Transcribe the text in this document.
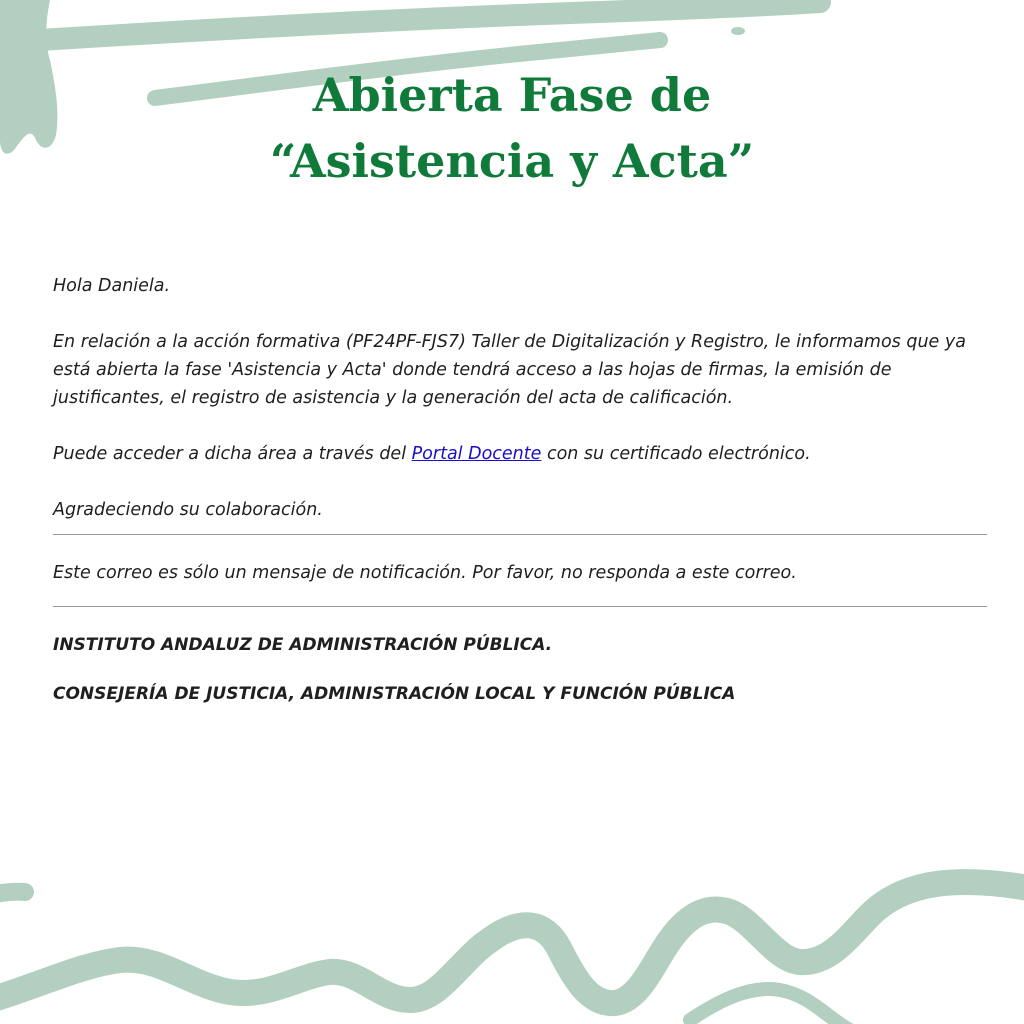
Abierta Fase de
“Asistencia y Acta”

Hola Daniela.

En relación a la acción formativa (PF24PF-FJS7) Taller de Digitalización y Registro, le informamos que ya está abierta la fase 'Asistencia y Acta' donde tendrá acceso a las hojas de firmas, la emisión de justificantes, el registro de asistencia y la generación del acta de calificación.

Puede acceder a dicha área a través del Portal Docente con su certificado electrónico.

Agradeciendo su colaboración.

Este correo es sólo un mensaje de notificación. Por favor, no responda a este correo.
INSTITUTO ANDALUZ DE ADMINISTRACIÓN PÚBLICA.
CONSEJERÍA DE JUSTICIA, ADMINISTRACIÓN LOCAL Y FUNCIÓN PÚBLICA
